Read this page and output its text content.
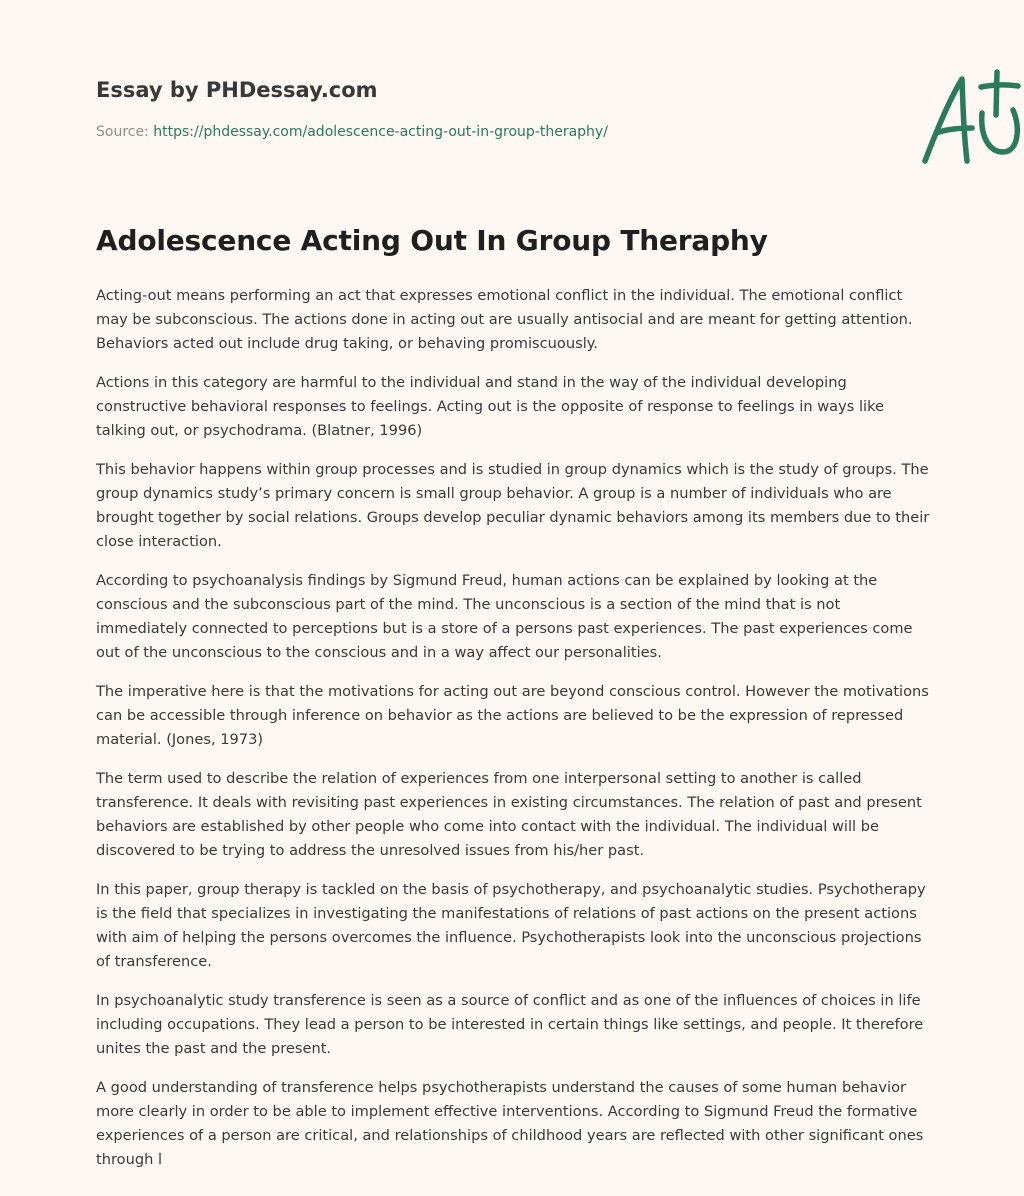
Essay by PHDessay.com
Source: https://phdessay.com/adolescence-acting-out-in-group-theraphy/
Adolescence Acting Out In Group Theraphy

Acting-out means performing an act that expresses emotional conflict in the individual. The emotional conflict may be subconscious. The actions done in acting out are usually antisocial and are meant for getting attention. Behaviors acted out include drug taking, or behaving promiscuously.

Actions in this category are harmful to the individual and stand in the way of the individual developing constructive behavioral responses to feelings. Acting out is the opposite of response to feelings in ways like talking out, or psychodrama. (Blatner, 1996)

This behavior happens within group processes and is studied in group dynamics which is the study of groups. The group dynamics study’s primary concern is small group behavior. A group is a number of individuals who are brought together by social relations. Groups develop peculiar dynamic behaviors among its members due to their close interaction.

According to psychoanalysis findings by Sigmund Freud, human actions can be explained by looking at the conscious and the subconscious part of the mind. The unconscious is a section of the mind that is not immediately connected to perceptions but is a store of a persons past experiences. The past experiences come out of the unconscious to the conscious and in a way affect our personalities.

The imperative here is that the motivations for acting out are beyond conscious control. However the motivations can be accessible through inference on behavior as the actions are believed to be the expression of repressed material. (Jones, 1973)

The term used to describe the relation of experiences from one interpersonal setting to another is called transference. It deals with revisiting past experiences in existing circumstances. The relation of past and present behaviors are established by other people who come into contact with the individual. The individual will be discovered to be trying to address the unresolved issues from his/her past.

In this paper, group therapy is tackled on the basis of psychotherapy, and psychoanalytic studies. Psychotherapy is the field that specializes in investigating the manifestations of relations of past actions on the present actions with aim of helping the persons overcomes the influence. Psychotherapists look into the unconscious projections of transference.

In psychoanalytic study transference is seen as a source of conflict and as one of the influences of choices in life including occupations. They lead a person to be interested in certain things like settings, and people. It therefore unites the past and the present.

A good understanding of transference helps psychotherapists understand the causes of some human behavior more clearly in order to be able to implement effective interventions. According to Sigmund Freud the formative experiences of a person are critical, and relationships of childhood years are reflected with other significant ones through l
